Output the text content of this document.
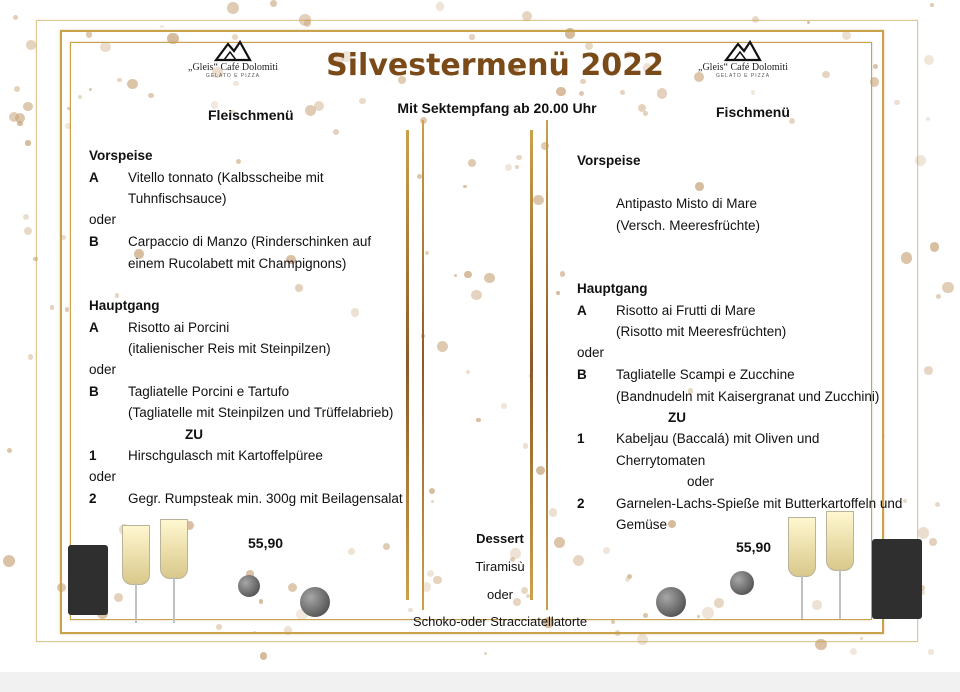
„Gleis“ Café Dolomiti
GELATO E PIZZA
„Gleis“ Café Dolomiti
GELATO E PIZZA
Silvestermenü 2022
Mit Sektempfang ab 20.00 Uhr
Fleischmenü	Fischmenü
Vorspeise
A Vitello tonnato (Kalbsscheibe mit
Tuhnfischsauce)
oder
B Carpaccio di Manzo (Rinderschinken auf
einem Rucolabett mit Champignons)
Hauptgang
A Risotto ai Porcini
(italienischer Reis mit Steinpilzen)
oder
B Tagliatelle Porcini e Tartufo
(Tagliatelle mit Steinpilzen und Trüffelabrieb)
ZU
1 Hirschgulasch mit Kartoffelpüree
oder
2 Gegr. Rumpsteak min. 300g mit Beilagensalat
55,90
Vorspeise
Antipasto Misto di Mare
(Versch. Meeresfrüchte)
Hauptgang
A Risotto ai Frutti di Mare
(Risotto mit Meeresfrüchten)
oder
B Tagliatelle Scampi e Zucchine
(Bandnudeln mit Kaisergranat und Zucchini)
ZU
1 Kabeljau (Baccalá) mit Oliven und
Cherrytomaten
oder
2 Garnelen-Lachs-Spieße mit Butterkartoffeln und
Gemüse
55,90
Dessert
Tiramisù
oder
Schoko-oder Stracciatellatorte
